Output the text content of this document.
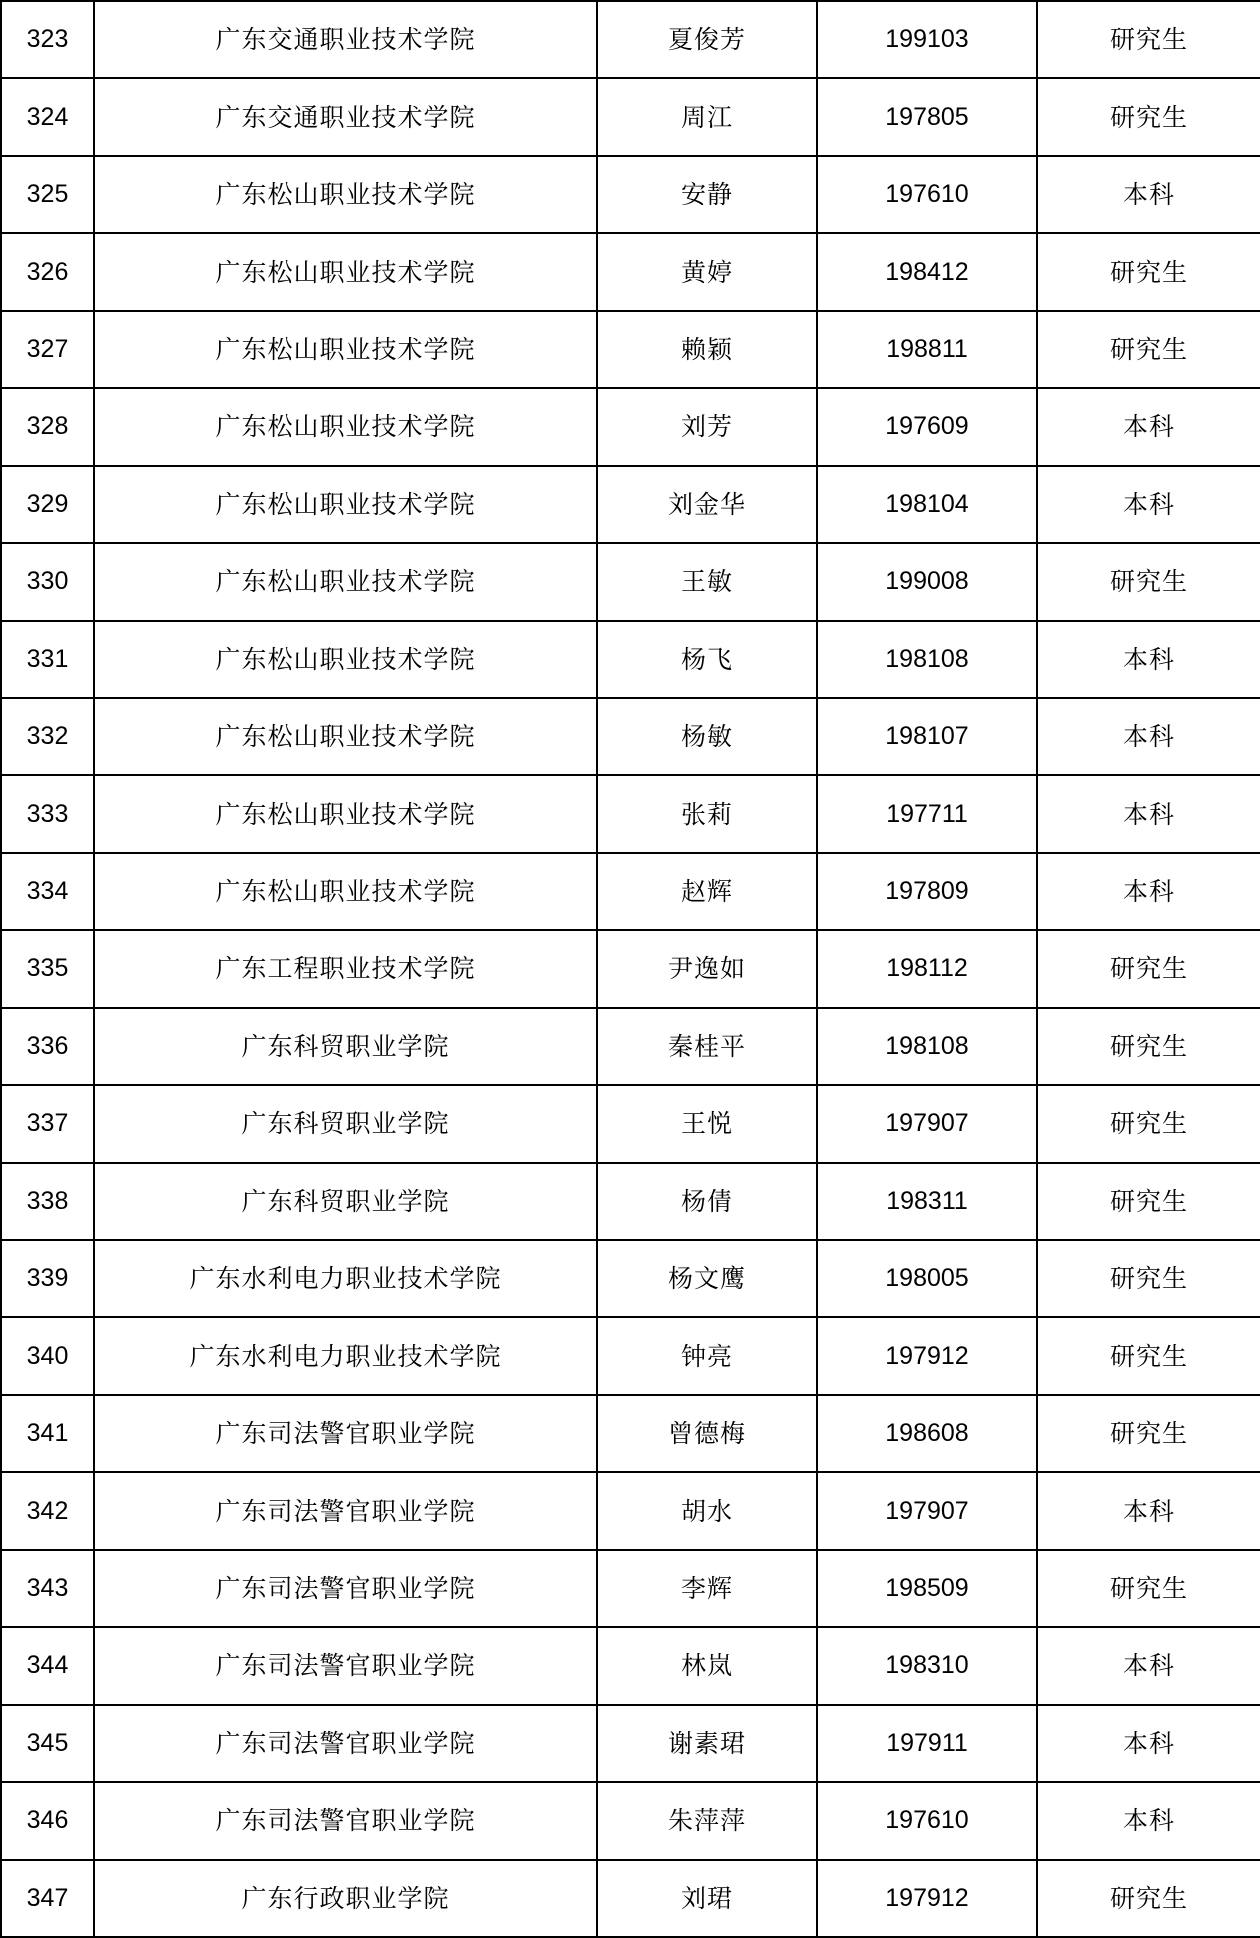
323	广东交通职业技术学院	夏俊芳	199103	研究生
324	广东交通职业技术学院	周江	197805	研究生
325	广东松山职业技术学院	安静	197610	本科
326	广东松山职业技术学院	黄婷	198412	研究生
327	广东松山职业技术学院	赖颖	198811	研究生
328	广东松山职业技术学院	刘芳	197609	本科
329	广东松山职业技术学院	刘金华	198104	本科
330	广东松山职业技术学院	王敏	199008	研究生
331	广东松山职业技术学院	杨飞	198108	本科
332	广东松山职业技术学院	杨敏	198107	本科
333	广东松山职业技术学院	张莉	197711	本科
334	广东松山职业技术学院	赵辉	197809	本科
335	广东工程职业技术学院	尹逸如	198112	研究生
336	广东科贸职业学院	秦桂平	198108	研究生
337	广东科贸职业学院	王悦	197907	研究生
338	广东科贸职业学院	杨倩	198311	研究生
339	广东水利电力职业技术学院	杨文鹰	198005	研究生
340	广东水利电力职业技术学院	钟亮	197912	研究生
341	广东司法警官职业学院	曾德梅	198608	研究生
342	广东司法警官职业学院	胡水	197907	本科
343	广东司法警官职业学院	李辉	198509	研究生
344	广东司法警官职业学院	林岚	198310	本科
345	广东司法警官职业学院	谢素珺	197911	本科
346	广东司法警官职业学院	朱萍萍	197610	本科
347	广东行政职业学院	刘珺	197912	研究生
